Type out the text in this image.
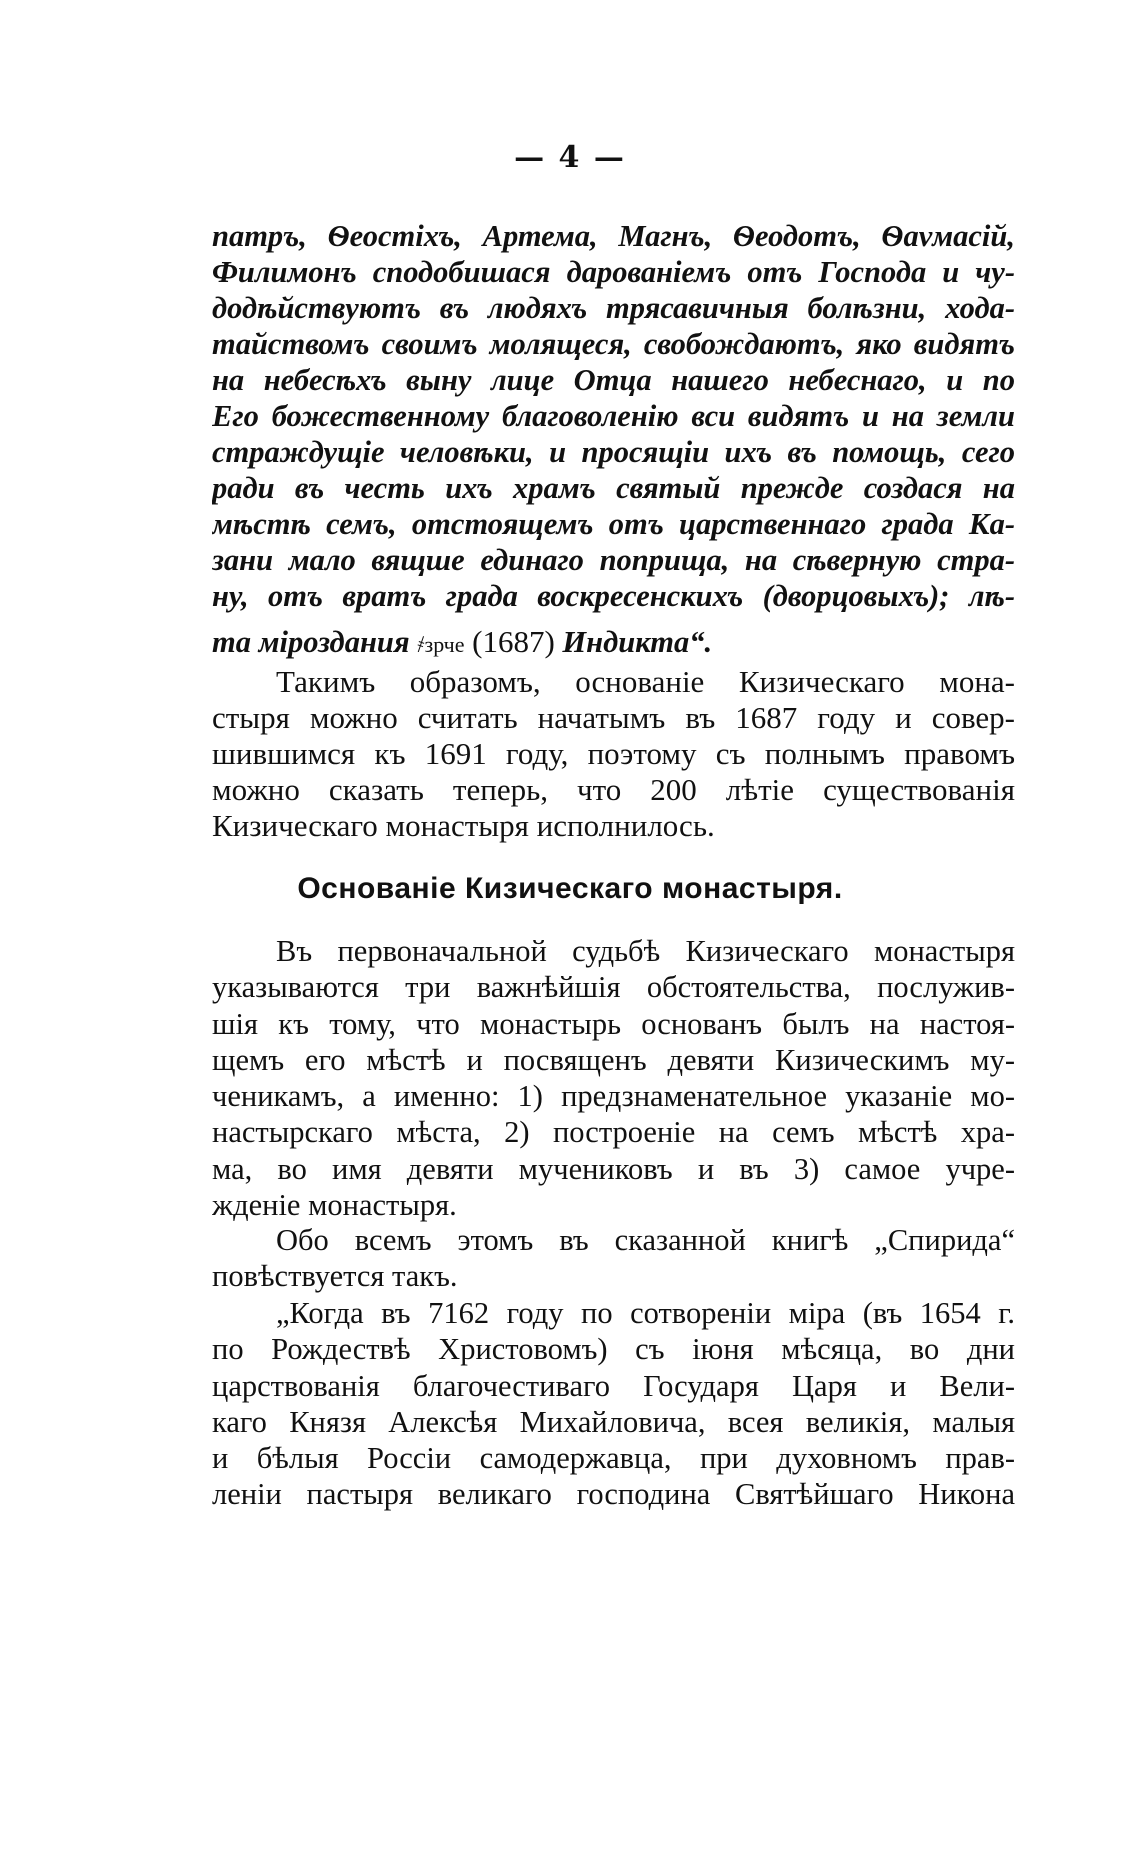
— 4 —
патръ, Ѳеостіхъ, Артема, Магнъ, Ѳеодотъ, Ѳаvмасій,
Филимонъ сподобишася дарованіемъ отъ Господа и чу-
додѣйствуютъ въ людяхъ трясавичныя болѣзни, хода-
тайствомъ своимъ молящеся, свобождаютъ, яко видятъ
на небесѣхъ выну лице Отца нашего небеснаго, и по
Его божественному благоволенію вси видятъ и на земли
страждущіе человѣки, и просящіи ихъ въ помощь, сего
ради въ честь ихъ храмъ святый прежде создася на
мѣстѣ семъ, отстоящемъ отъ царственнаго града Ка-
зани мало вящше единаго поприща, на сѣверную стра-
ну, отъ вратъ града воскресенскихъ (дворцовыхъ); лѣ-
та міроздания ҂зрче (1687) Индикта“.
Такимъ образомъ, основаніе Кизическаго мона-
стыря можно считать начатымъ въ 1687 году и совер-
шившимся къ 1691 году, поэтому съ полнымъ правомъ
можно сказать теперь, что 200 лѣтіе существованія
Кизическаго монастыря исполнилось.
Основаніе Кизическаго монастыря.
Въ первоначальной судьбѣ Кизическаго монастыря
указываются три важнѣйшія обстоятельства, послужив-
шія къ тому, что монастырь основанъ былъ на настоя-
щемъ его мѣстѣ и посвященъ девяти Кизическимъ му-
ченикамъ, а именно: 1) предзнаменательное указаніе мо-
настырскаго мѣста, 2) построеніе на семъ мѣстѣ хра-
ма, во имя девяти мучениковъ и въ 3) самое учре-
жденіе монастыря.
Обо всемъ этомъ въ сказанной книгѣ „Спирида“
повѣствуется такъ.
„Когда въ 7162 году по сотвореніи міра (въ 1654 г.
по Рождествѣ Христовомъ) съ іюня мѣсяца, во дни
царствованія благочестиваго Государя Царя и Вели-
каго Князя Алексѣя Михайловича, всея великія, малыя
и бѣлыя Россіи самодержавца, при духовномъ прав-
леніи пастыря великаго господина Святѣйшаго Никона
